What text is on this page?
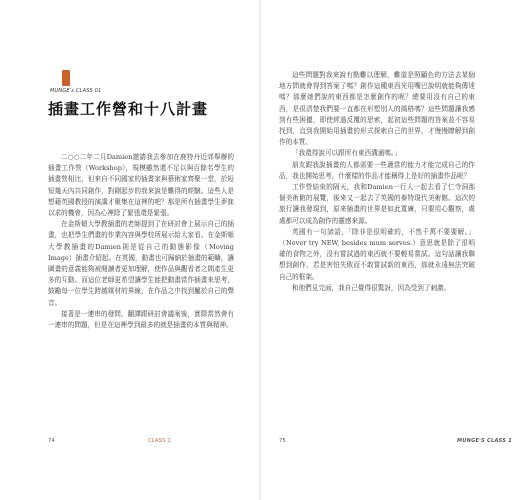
MUNGE's CLASS 01
插畫工作營和十八計畫

二○○二年二月Damien邀請我去參加在鹿特丹近郊舉辦的插畫工作營（Workshop），規模雖然還不足以與百餘名學生的插畫營相比，但來自不同國家的插畫家與藝術家齊聚一堂，於短短幾天內共同創作，對剛起步的我來說是難得的經驗。這些人是想藉英國教授的演講才聚集在這裡的吧？那是所有插畫學生夢寐以求的機會，因為心裡除了緊張還是緊張。

在金斯頓大學教插畫的老師提到了在研討會上展示自己的插畫，也把學生們畫的作業內容與學校所展示給大家看。在金斯頓大學教插畫的Damien則是從自己的動態影像（Moving Image）插畫介紹起。在英國，動畫也可歸納於插畫的範疇，讓圖畫的意義能夠被閱讀者更加理解，使作品與觀看者之間產生更多的互動。而這位老師更希望讓學生能把動畫當作插畫來思考，鼓勵每一位學生跨越媒材的界線，在作品之中找到屬於自己的聲音。

接著是一連串的發問，翻譯跟研討會議案後，實際當然會有一連串的問題，但是在這裡學到最多的就是插畫的本質與精神。

74	CLASS 1

這些問題對我來說有點難以理解，難道是照顧色的方法去某個地方問就會得到答案了嗎？創作這種東西光用嘴巴說明就能夠傳達嗎？那麼她們說的東西都是怎麼創作的呢？總要用沒有自己的東西，是很清楚我們要一直都在形塑別人的風格嗎？這些問題讓我感到有些困擾，即使經過反覆的思索，起初這些問題的答案並不容易找到，直到我開始用插畫的形式探索自己的世界，才慢慢瞭解到創作的本質。

「我還得說可以跟所有東西溝通嗎。」

朋友跟我說插畫的人都需要一些適當的能力才能完成自己的作品，我也開始思考，什麼樣的作品才能稱得上是好的插畫作品呢？

工作營結束的隔天，我和Damien一行人一起去看了仁寺洞那個美術館的展覽，後來又一起去了英國的泰特現代美術館。這次的旅行讓我發現到，原來插畫的世界是如此寬廣，只要用心觀察，處處都可以成為創作的靈感來源。

英國有一句諺語，「除非是很明確的，不然千萬不要要解。」（Never try NEW, besides mum serves.）意思就是除了很明確的食物之外，沒有嘗試過的東西就不要輕易嘗試。這句話讓我聯想到創作，若是害怕失敗而不敢嘗試新的東西，那就永遠無法突破自己的框架。

和他們見完面，我自己覺得很驚訝，因為受到了刺激。

75	MUNGE'S CLASS 1
